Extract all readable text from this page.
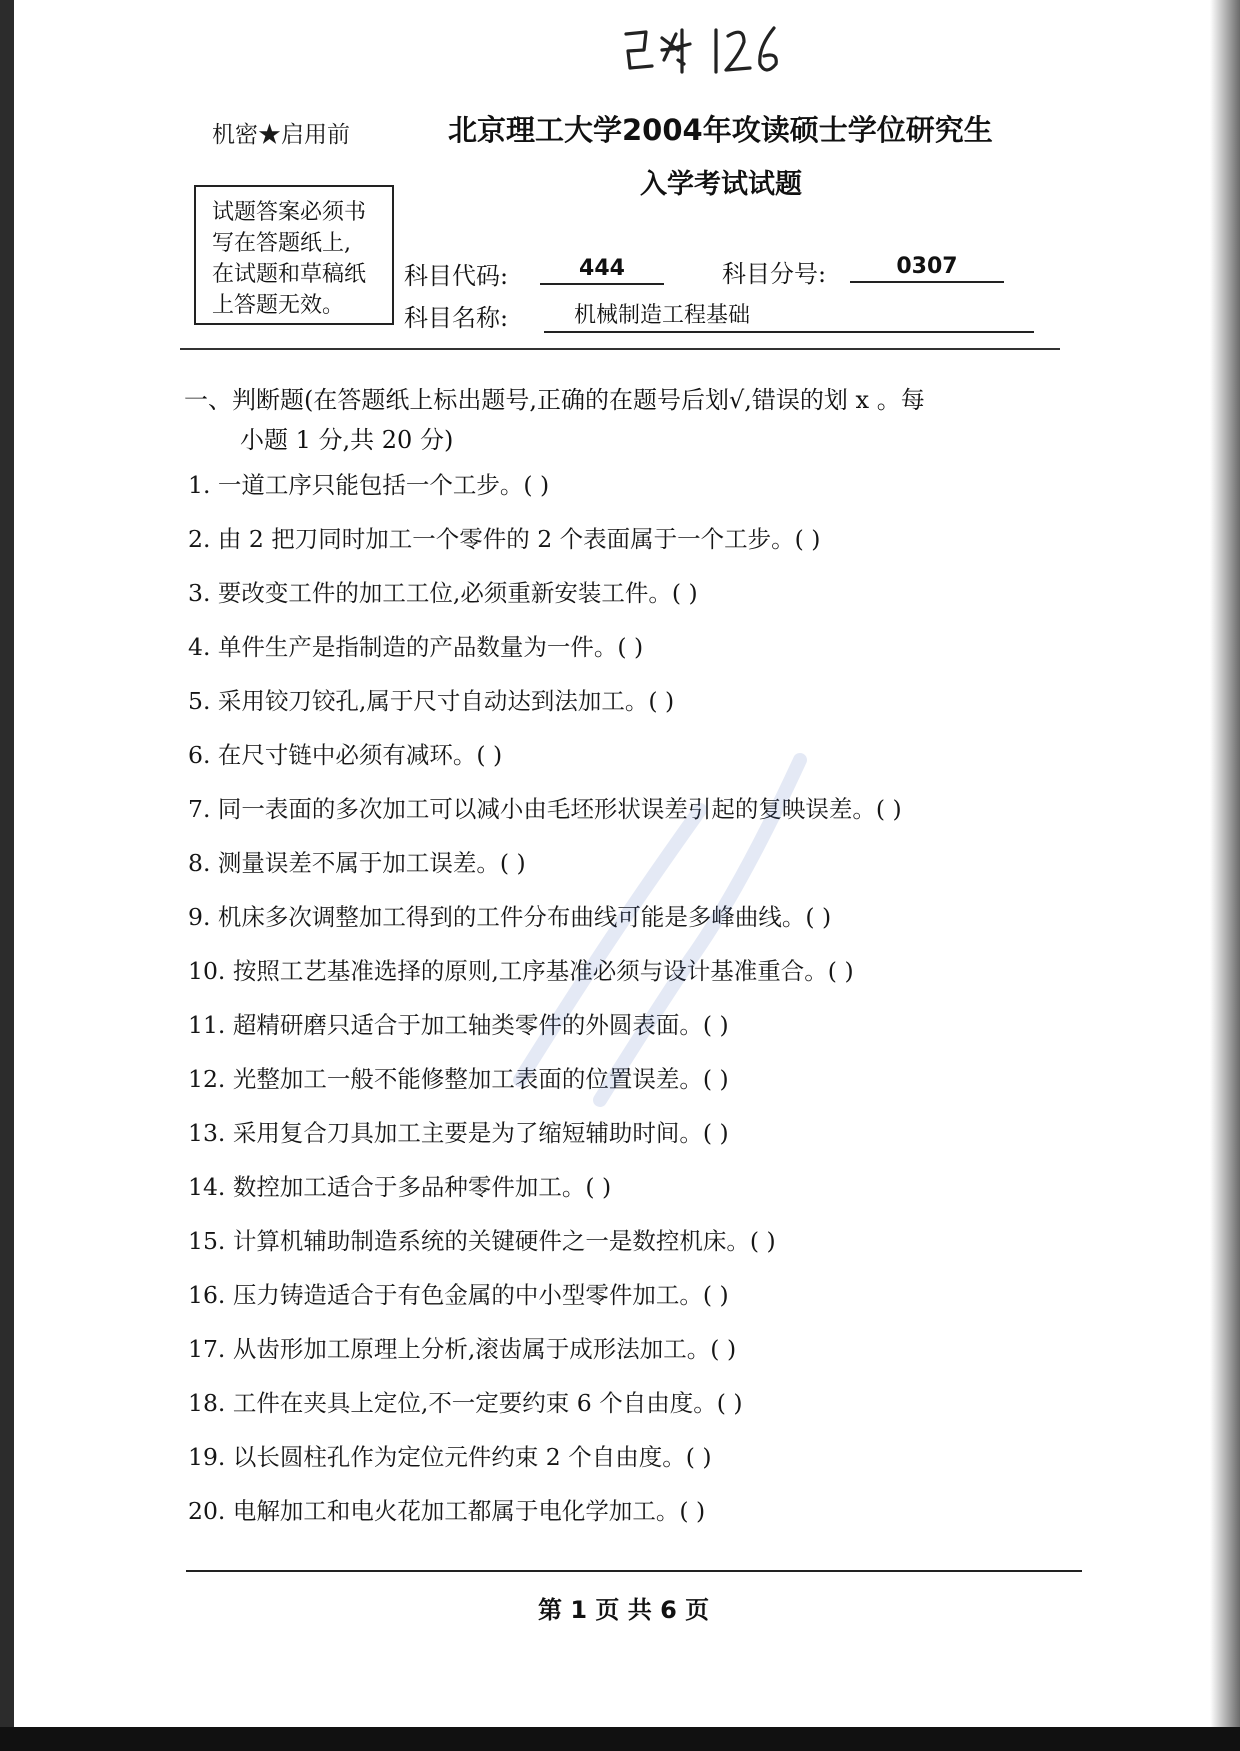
机密★启用前	北京理工大学2004年攻读硕士学位研究生
入学考试试题
试题答案必须书
写在答题纸上,
在试题和草稿纸
上答题无效。
科目代码:	444	科目分号:	0307
科目名称:	机械制造工程基础
一、判断题(在答题纸上标出题号,正确的在题号后划√,错误的划 x 。每
小题 1 分,共 20 分)
1. 一道工序只能包括一个工步。( )
2. 由 2 把刀同时加工一个零件的 2 个表面属于一个工步。( )
3. 要改变工件的加工工位,必须重新安装工件。( )
4. 单件生产是指制造的产品数量为一件。( )
5. 采用铰刀铰孔,属于尺寸自动达到法加工。( )
6. 在尺寸链中必须有减环。( )
7. 同一表面的多次加工可以减小由毛坯形状误差引起的复映误差。( )
8. 测量误差不属于加工误差。( )
9. 机床多次调整加工得到的工件分布曲线可能是多峰曲线。( )
10. 按照工艺基准选择的原则,工序基准必须与设计基准重合。( )
11. 超精研磨只适合于加工轴类零件的外圆表面。( )
12. 光整加工一般不能修整加工表面的位置误差。( )
13. 采用复合刀具加工主要是为了缩短辅助时间。( )
14. 数控加工适合于多品种零件加工。( )
15. 计算机辅助制造系统的关键硬件之一是数控机床。( )
16. 压力铸造适合于有色金属的中小型零件加工。( )
17. 从齿形加工原理上分析,滚齿属于成形法加工。( )
18. 工件在夹具上定位,不一定要约束 6 个自由度。( )
19. 以长圆柱孔作为定位元件约束 2 个自由度。( )
20. 电解加工和电火花加工都属于电化学加工。( )
第 1 页 共 6 页
